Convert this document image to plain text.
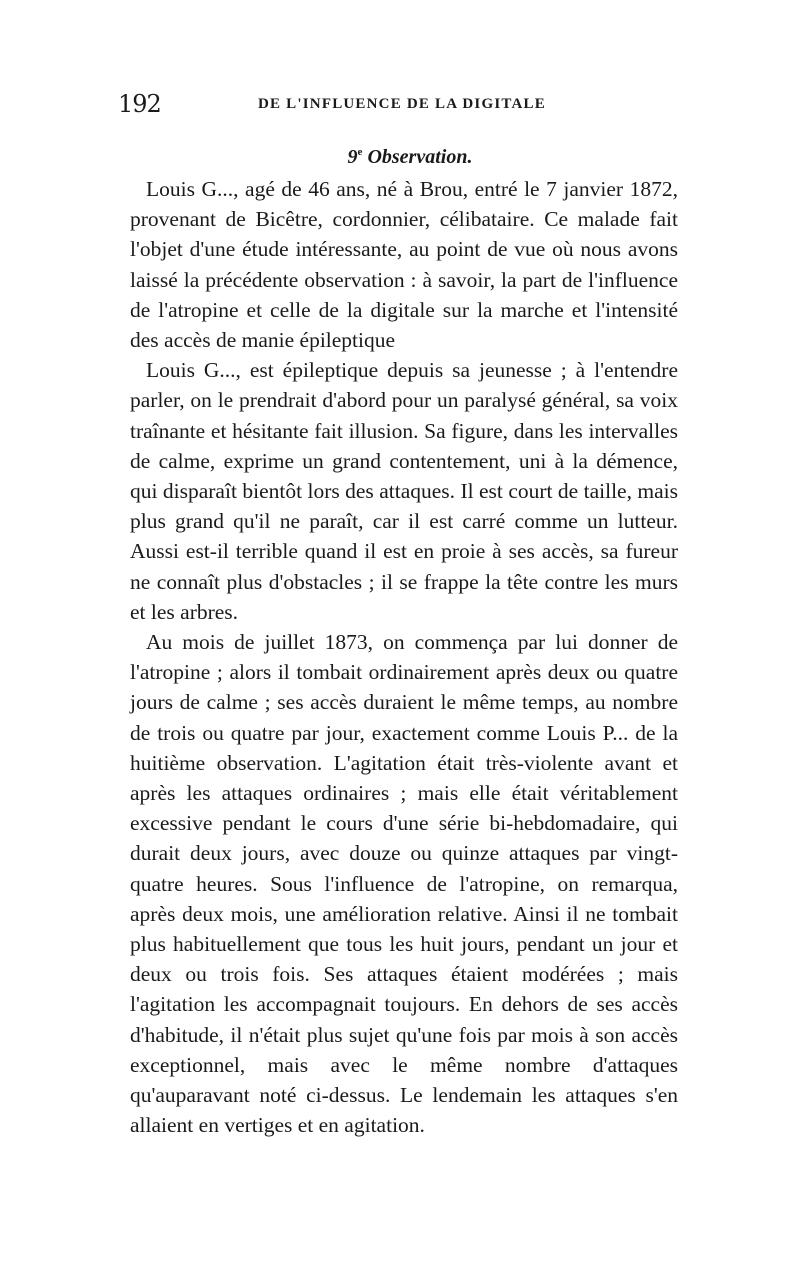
192	DE L'INFLUENCE DE LA DIGITALE
9e Observation.

Louis G..., agé de 46 ans, né à Brou, entré le 7 janvier 1872, provenant de Bicêtre, cordonnier, célibataire. Ce malade fait l'objet d'une étude intéressante, au point de vue où nous avons laissé la précédente observation : à savoir, la part de l'influence de l'atropine et celle de la digitale sur la marche et l'intensité des accès de manie épileptique

Louis G..., est épileptique depuis sa jeunesse ; à l'entendre parler, on le prendrait d'abord pour un paralysé général, sa voix traînante et hésitante fait illusion. Sa figure, dans les intervalles de calme, exprime un grand contentement, uni à la démence, qui disparaît bientôt lors des attaques. Il est court de taille, mais plus grand qu'il ne paraît, car il est carré comme un lutteur. Aussi est-il terrible quand il est en proie à ses accès, sa fureur ne connaît plus d'obstacles ; il se frappe la tête contre les murs et les arbres.

Au mois de juillet 1873, on commença par lui donner de l'atropine ; alors il tombait ordinairement après deux ou quatre jours de calme ; ses accès duraient le même temps, au nombre de trois ou quatre par jour, exactement comme Louis P... de la huitième observation. L'agitation était très-violente avant et après les attaques ordinaires ; mais elle était véritablement excessive pendant le cours d'une série bi-hebdomadaire, qui durait deux jours, avec douze ou quinze attaques par vingt-quatre heures. Sous l'influence de l'atropine, on remarqua, après deux mois, une amélioration relative. Ainsi il ne tombait plus habituellement que tous les huit jours, pendant un jour et deux ou trois fois. Ses attaques étaient modérées ; mais l'agitation les accompagnait toujours. En dehors de ses accès d'habitude, il n'était plus sujet qu'une fois par mois à son accès exceptionnel, mais avec le même nombre d'attaques qu'auparavant noté ci-dessus. Le lendemain les attaques s'en allaient en vertiges et en agitation.
